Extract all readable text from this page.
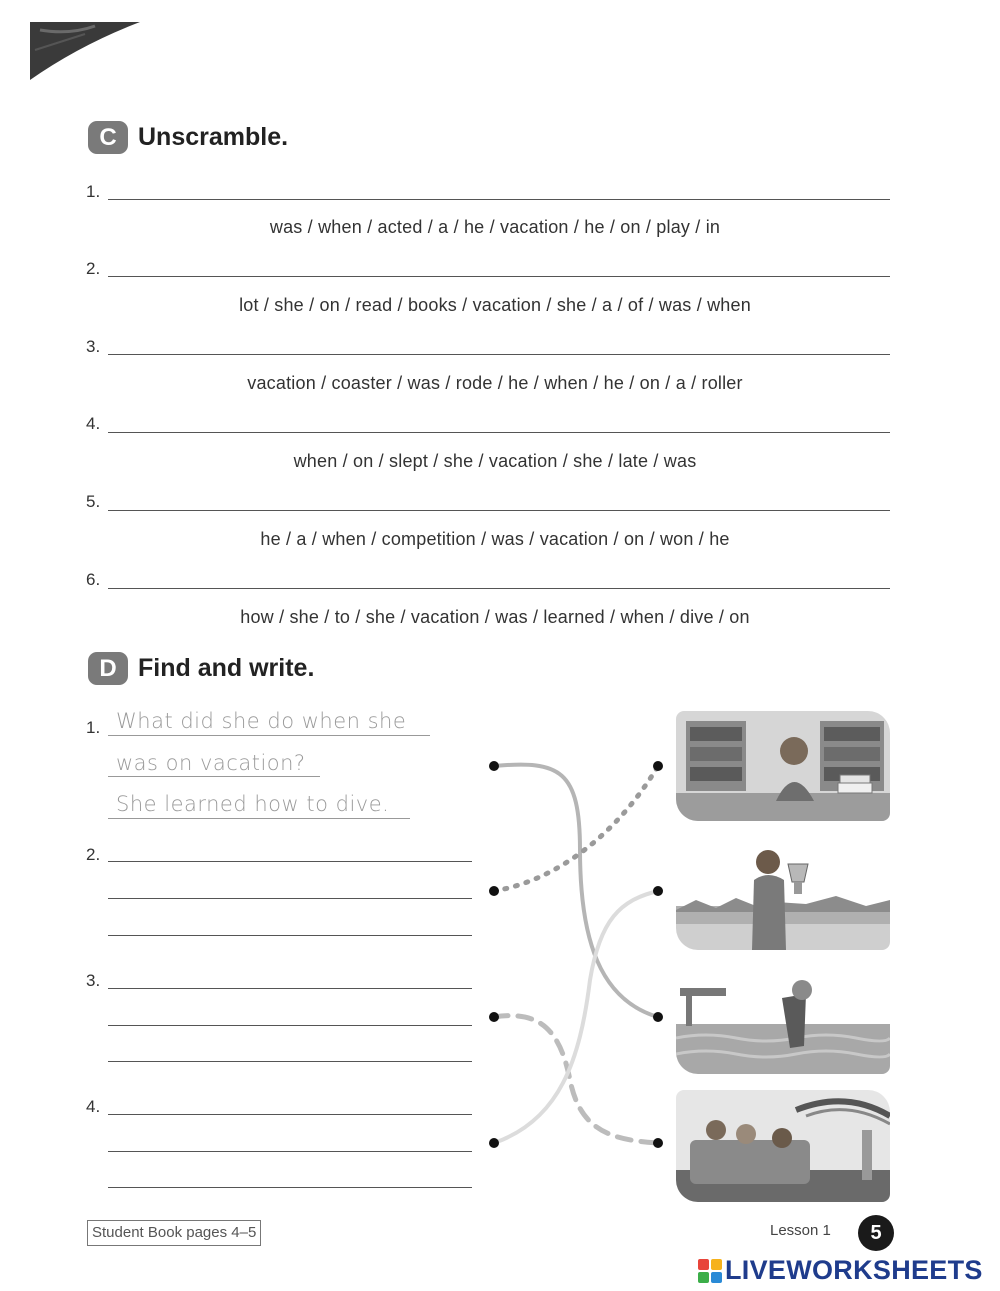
C Unscramble.
1.
was / when / acted / a / he / vacation / he / on / play / in
2.
lot / she / on / read / books / vacation / she / a / of / was / when
3.
vacation / coaster / was / rode / he / when / he / on / a / roller
4.
when / on / slept / she / vacation / she / late / was
5.
he / a / when / competition / was / vacation / on / won / he
6.
how / she / to / she / vacation / was / learned / when / dive / on
D Find and write.
1. What did she do when she
was on vacation?
She learned how to dive.
2.
3.
4.
Student Book pages 4–5	Lesson 1	5
LIVEWORKSHEETS
